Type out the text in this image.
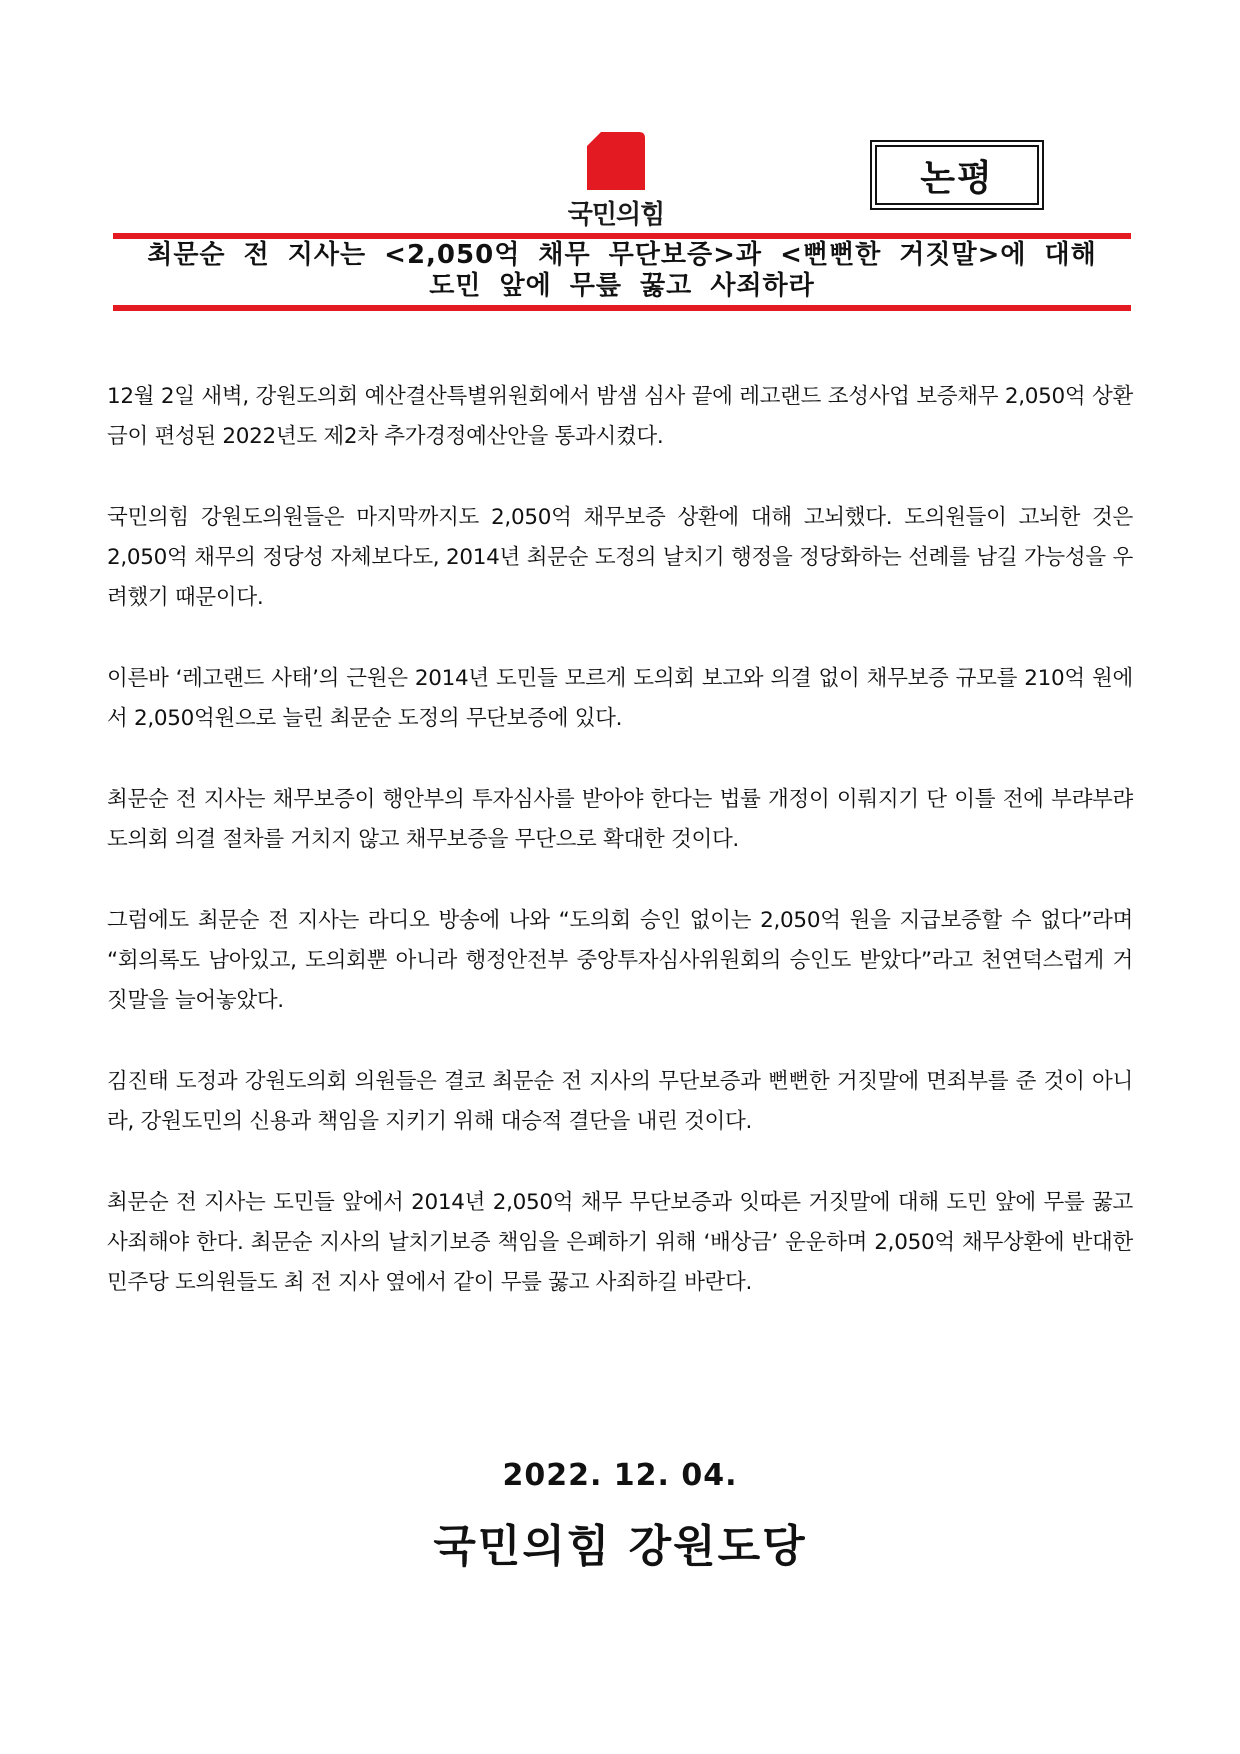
국민의힘
논평
최문순 전 지사는 <2,050억 채무 무단보증>과 <뻔뻔한 거짓말>에 대해
도민 앞에 무릎 꿇고 사죄하라

12월 2일 새벽, 강원도의회 예산결산특별위원회에서 밤샘 심사 끝에 레고랜드 조성사업 보증채무 2,050억 상환금이 편성된 2022년도 제2차 추가경정예산안을 통과시켰다.

국민의힘 강원도의원들은 마지막까지도 2,050억 채무보증 상환에 대해 고뇌했다. 도의원들이 고뇌한 것은 2,050억 채무의 정당성 자체보다도, 2014년 최문순 도정의 날치기 행정을 정당화하는 선례를 남길 가능성을 우려했기 때문이다.

이른바 ‘레고랜드 사태’의 근원은 2014년 도민들 모르게 도의회 보고와 의결 없이 채무보증 규모를 210억 원에서 2,050억원으로 늘린 최문순 도정의 무단보증에 있다.

최문순 전 지사는 채무보증이 행안부의 투자심사를 받아야 한다는 법률 개정이 이뤄지기 단 이틀 전에 부랴부랴 도의회 의결 절차를 거치지 않고 채무보증을 무단으로 확대한 것이다.

그럼에도 최문순 전 지사는 라디오 방송에 나와 “도의회 승인 없이는 2,050억 원을 지급보증할 수 없다”라며 “회의록도 남아있고, 도의회뿐 아니라 행정안전부 중앙투자심사위원회의 승인도 받았다”라고 천연덕스럽게 거짓말을 늘어놓았다.

김진태 도정과 강원도의회 의원들은 결코 최문순 전 지사의 무단보증과 뻔뻔한 거짓말에 면죄부를 준 것이 아니라, 강원도민의 신용과 책임을 지키기 위해 대승적 결단을 내린 것이다.

최문순 전 지사는 도민들 앞에서 2014년 2,050억 채무 무단보증과 잇따른 거짓말에 대해 도민 앞에 무릎 꿇고 사죄해야 한다. 최문순 지사의 날치기보증 책임을 은폐하기 위해 ‘배상금’ 운운하며 2,050억 채무상환에 반대한 민주당 도의원들도 최 전 지사 옆에서 같이 무릎 꿇고 사죄하길 바란다.

2022. 12. 04.
국민의힘 강원도당
